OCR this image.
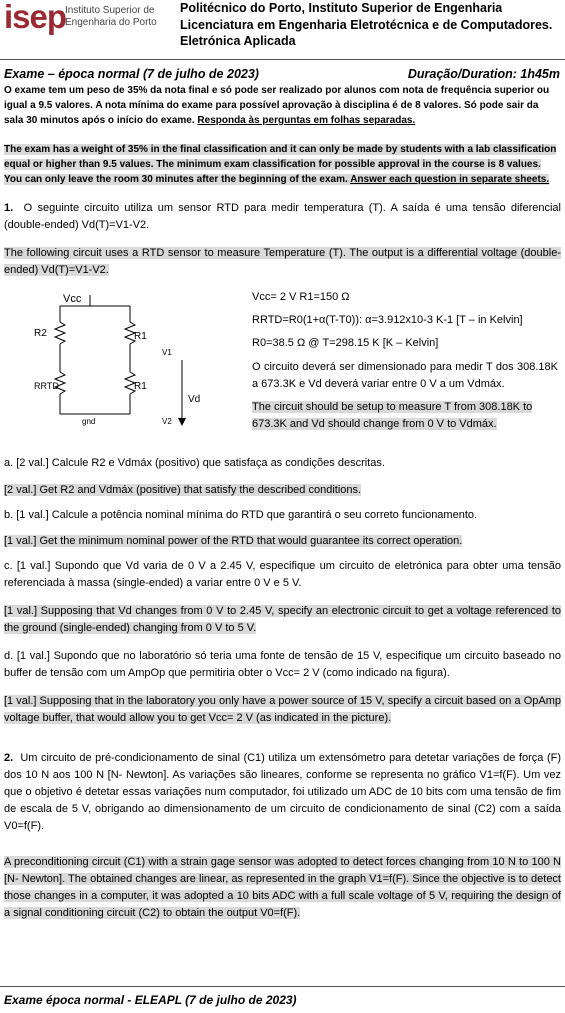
isep
Instituto Superior de
Engenharia do Porto
Politécnico do Porto, Instituto Superior de Engenharia
Licenciatura em Engenharia Eletrotécnica e de Computadores.
Eletrónica Aplicada
Exame – época normal (7 de julho de 2023)	Duração/Duration: 1h45m
O exame tem um peso de 35% da nota final e só pode ser realizado por alunos com nota de frequência superior ou igual a 9.5 valores. A nota mínima do exame para possível aprovação à disciplina é de 8 valores. Só pode sair da sala 30 minutos após o início do exame. Responda às perguntas em folhas separadas.
The exam has a weight of 35% in the final classification and it can only be made by students with a lab classification equal or higher than 9.5 values. The minimum exam classification for possible approval in the course is 8 values. You can only leave the room 30 minutes after the beginning of the exam. Answer each question in separate sheets.
1. O seguinte circuito utiliza um sensor RTD para medir temperatura (T). A saída é uma tensão diferencial (double-ended) Vd(T)=V1-V2.
The following circuit uses a RTD sensor to measure Temperature (T). The output is a differential voltage (double-ended) Vd(T)=V1-V2.
Vcc
R2	R1
V1
RRTD	R1
Vd
gnd	V2
Vcc= 2 V R1=150 Ω
RRTD=R0(1+α(T-T0)): α=3.912x10-3 K-1 [T – in Kelvin]
R0=38.5 Ω @ T=298.15 K [K – Kelvin]
O circuito deverá ser dimensionado para medir T dos 308.18K a 673.3K e Vd deverá variar entre 0 V a um Vdmáx.
The circuit should be setup to measure T from 308.18K to 673.3K and Vd should change from 0 V to Vdmáx.
a. [2 val.] Calcule R2 e Vdmáx (positivo) que satisfaça as condições descritas.
[2 val.] Get R2 and Vdmáx (positive) that satisfy the described conditions.
b. [1 val.] Calcule a potência nominal mínima do RTD que garantirá o seu correto funcionamento.
[1 val.] Get the minimum nominal power of the RTD that would guarantee its correct operation.
c. [1 val.] Supondo que Vd varia de 0 V a 2.45 V, especifique um circuito de eletrónica para obter uma tensão referenciada à massa (single-ended) a variar entre 0 V e 5 V.
[1 val.] Supposing that Vd changes from 0 V to 2.45 V, specify an electronic circuit to get a voltage referenced to the ground (single-ended) changing from 0 V to 5 V.
d. [1 val.] Supondo que no laboratório só teria uma fonte de tensão de 15 V, especifique um circuito baseado no buffer de tensão com um AmpOp que permitiria obter o Vcc= 2 V (como indicado na figura).
[1 val.] Supposing that in the laboratory you only have a power source of 15 V, specify a circuit based on a OpAmp voltage buffer, that would allow you to get Vcc= 2 V (as indicated in the picture).
2. Um circuito de pré-condicionamento de sinal (C1) utiliza um extensómetro para detetar variações de força (F) dos 10 N aos 100 N [N- Newton]. As variações são lineares, conforme se representa no gráfico V1=f(F). Um vez que o objetivo é detetar essas variações num computador, foi utilizado um ADC de 10 bits com uma tensão de fim de escala de 5 V, obrigando ao dimensionamento de um circuito de condicionamento de sinal (C2) com a saída V0=f(F).
A preconditioning circuit (C1) with a strain gage sensor was adopted to detect forces changing from 10 N to 100 N [N- Newton]. The obtained changes are linear, as represented in the graph V1=f(F). Since the objective is to detect those changes in a computer, it was adopted a 10 bits ADC with a full scale voltage of 5 V, requiring the design of a signal conditioning circuit (C2) to obtain the output V0=f(F).
Exame época normal - ELEAPL (7 de julho de 2023)
